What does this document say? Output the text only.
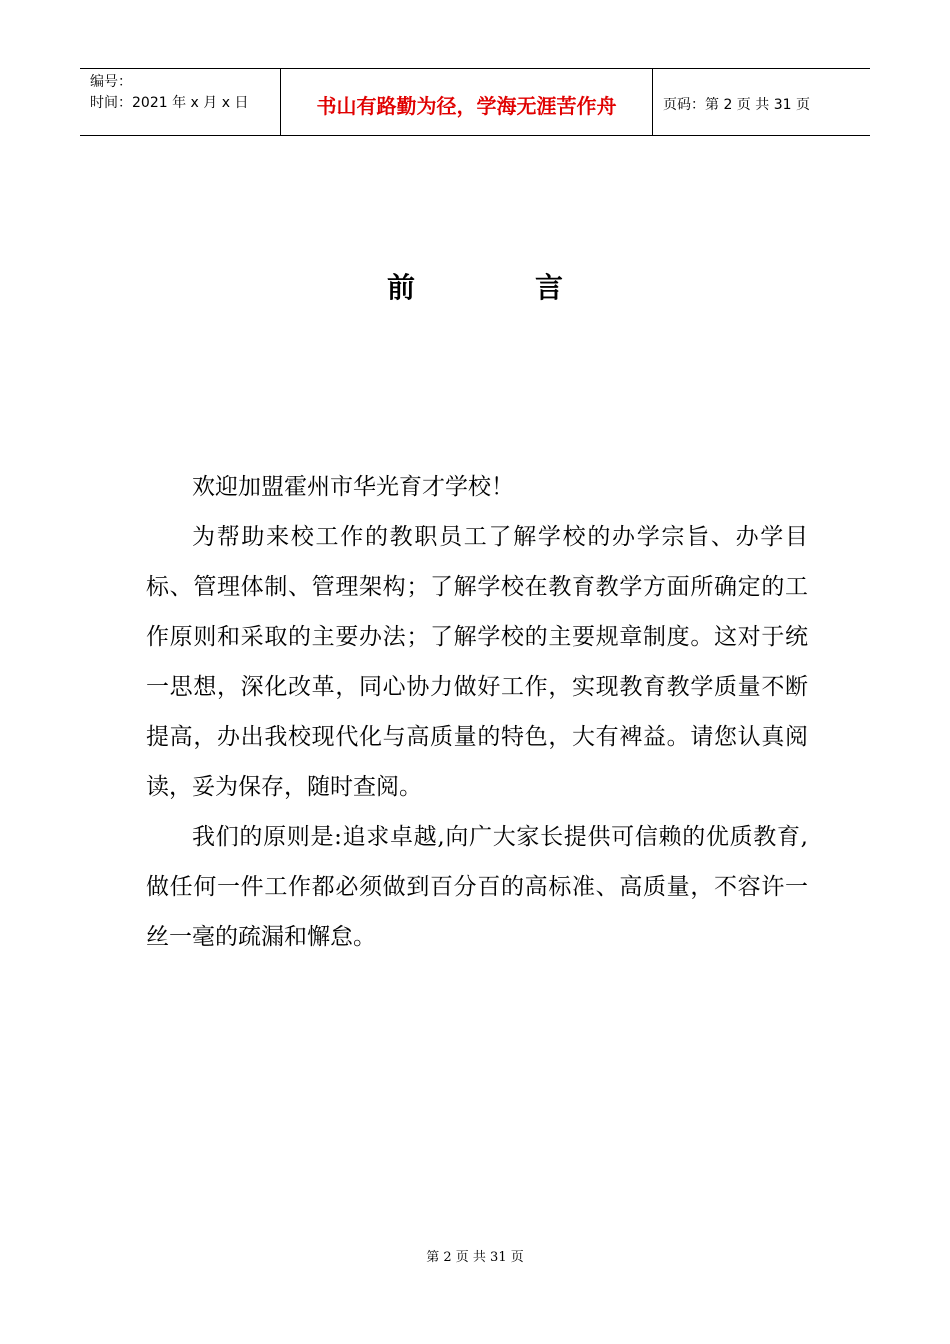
编号：
时间：2021 年 x 月 x 日	书山有路勤为径，学海无涯苦作舟	页码：第 2 页 共 31 页
前	言

欢迎加盟霍州市华光育才学校！

为帮助来校工作的教职员工了解学校的办学宗旨、办学目标、管理体制、管理架构；了解学校在教育教学方面所确定的工作原则和采取的主要办法；了解学校的主要规章制度。这对于统一思想，深化改革，同心协力做好工作，实现教育教学质量不断提高，办出我校现代化与高质量的特色，大有裨益。请您认真阅读，妥为保存，随时查阅。

我们的原则是:追求卓越,向广大家长提供可信赖的优质教育,做任何一件工作都必须做到百分百的高标准、高质量，不容许一丝一毫的疏漏和懈怠。

第 2 页 共 31 页
